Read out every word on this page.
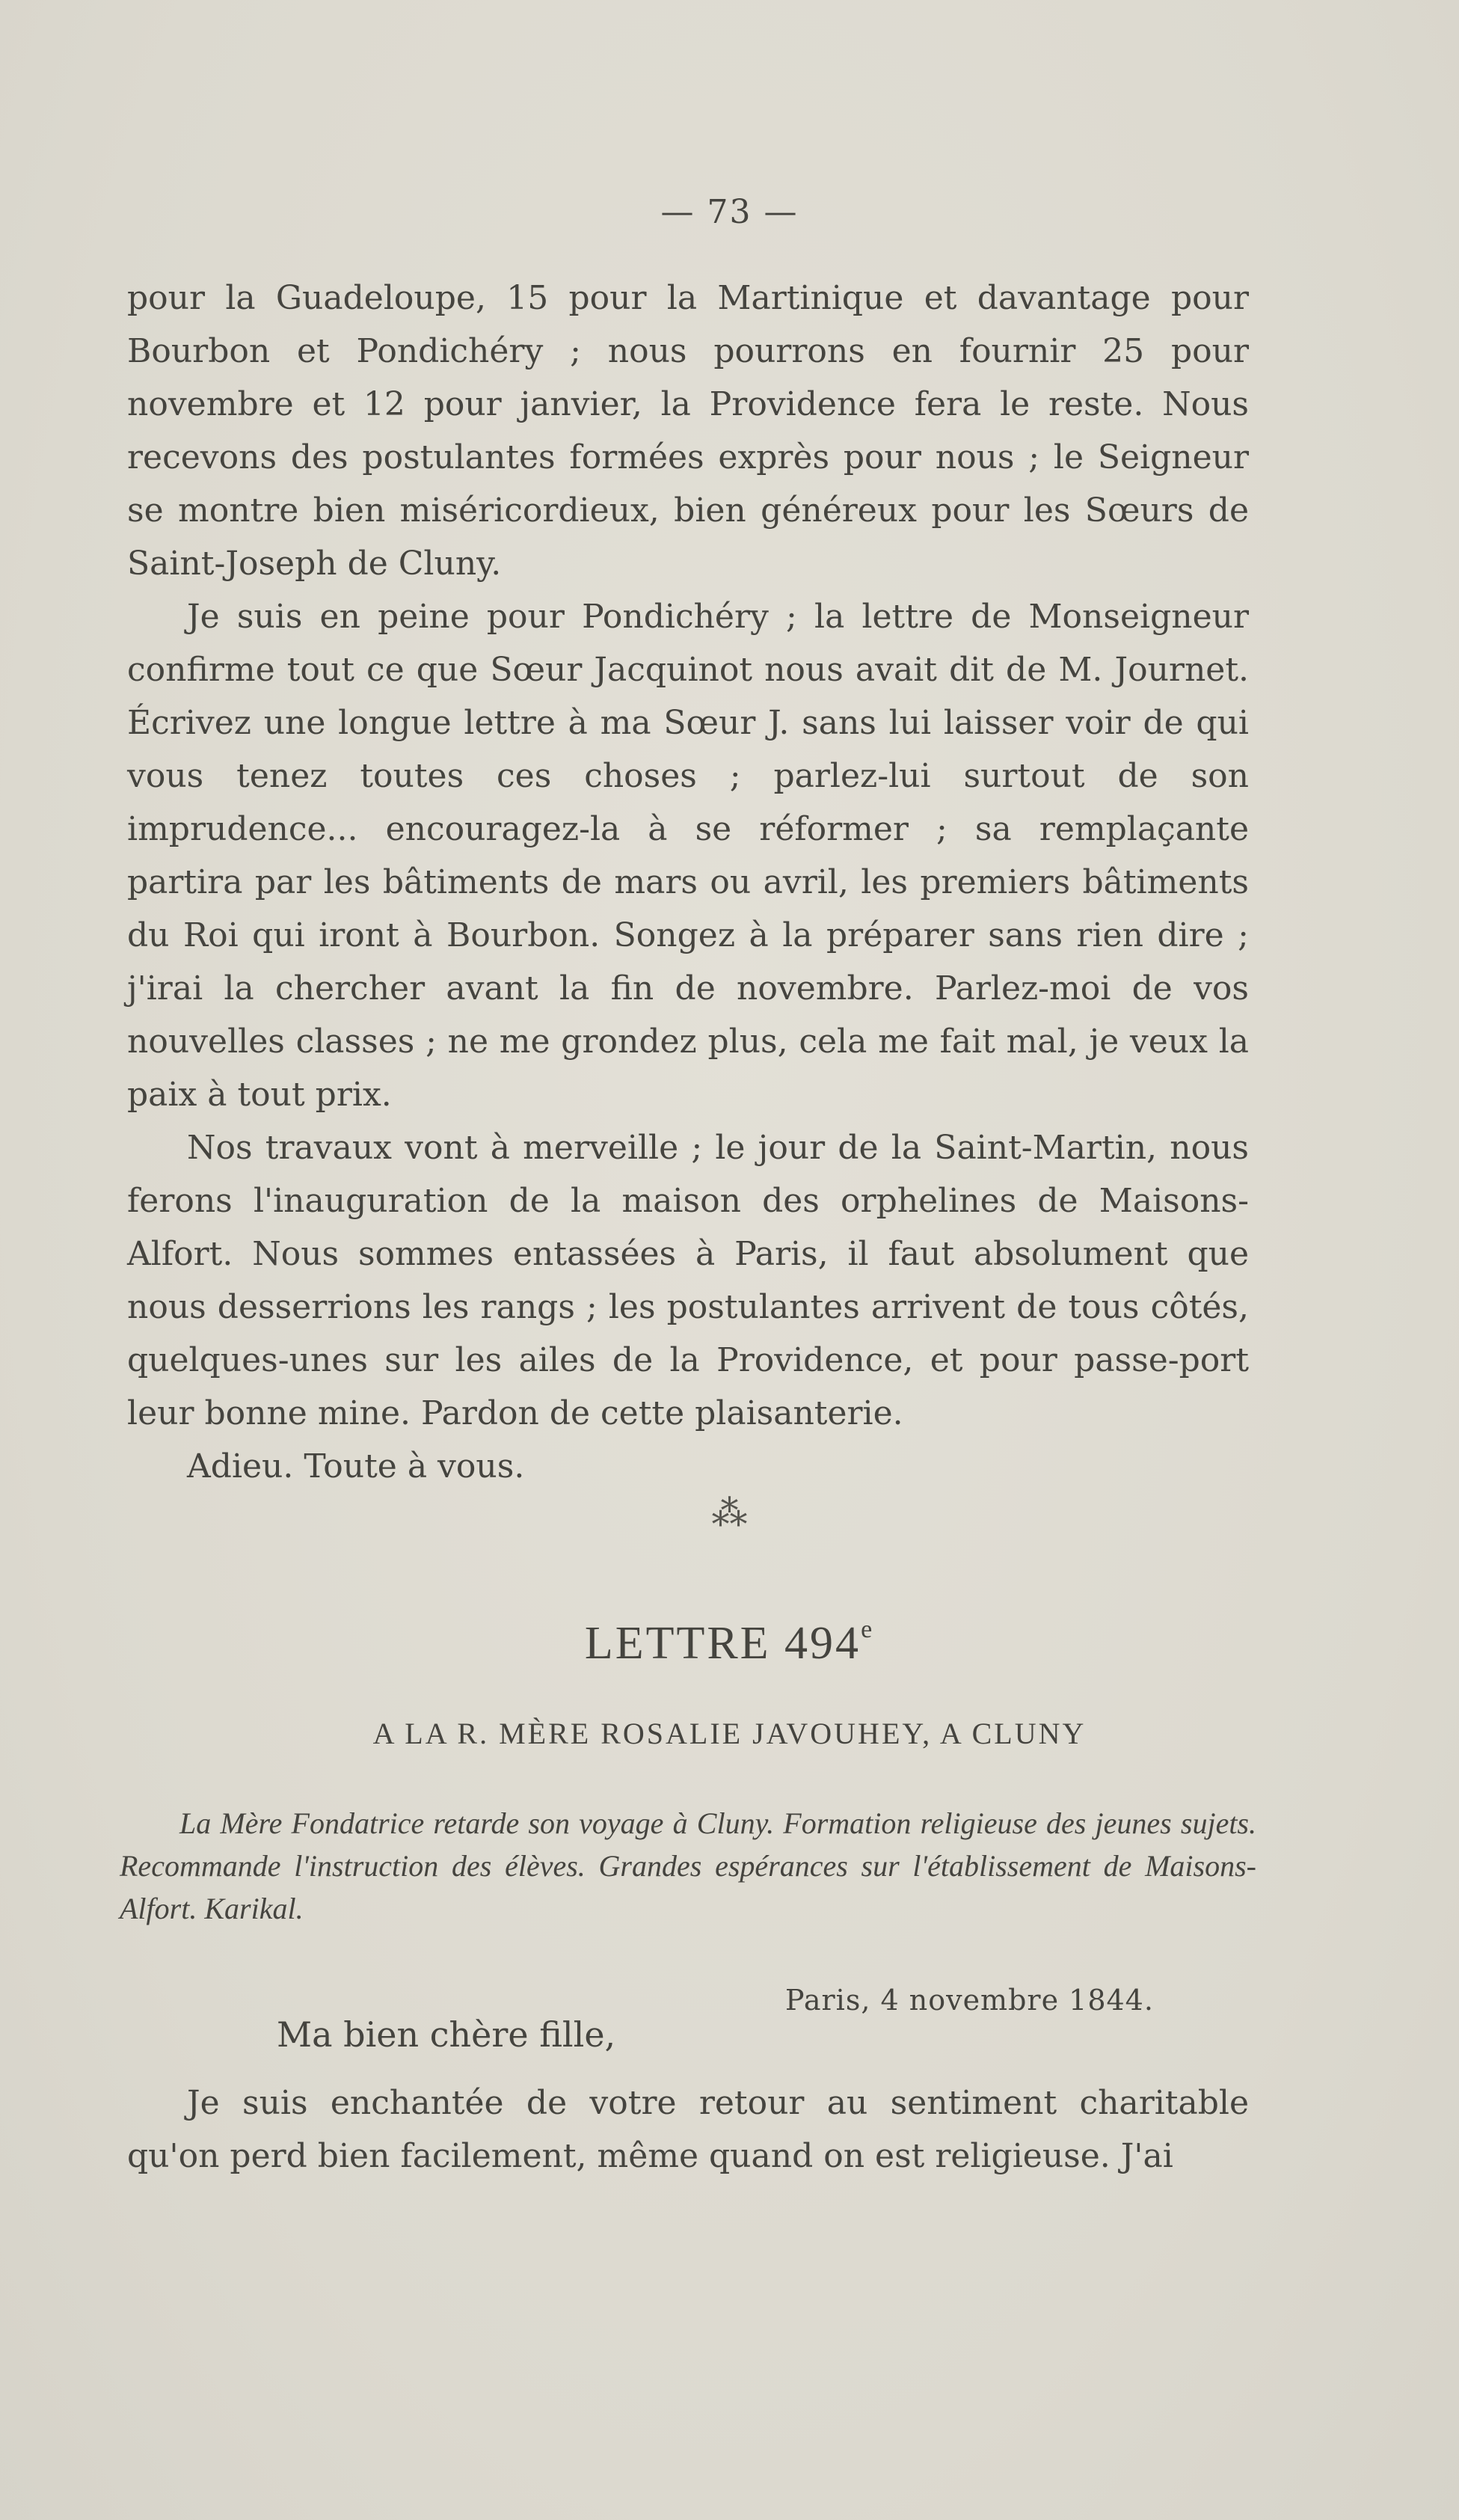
— 73 —

pour la Guadeloupe, 15 pour la Martinique et davantage pour Bourbon et Pondichéry ; nous pourrons en fournir 25 pour novembre et 12 pour janvier, la Providence fera le reste. Nous recevons des postulantes formées exprès pour nous ; le Seigneur se montre bien miséricordieux, bien généreux pour les Sœurs de Saint-Joseph de Cluny.

Je suis en peine pour Pondichéry ; la lettre de Monseigneur confirme tout ce que Sœur Jacquinot nous avait dit de M. Journet. Écrivez une longue lettre à ma Sœur J. sans lui laisser voir de qui vous tenez toutes ces choses ; parlez-lui surtout de son imprudence... encouragez-la à se réformer ; sa remplaçante partira par les bâtiments de mars ou avril, les premiers bâtiments du Roi qui iront à Bourbon. Songez à la préparer sans rien dire ; j'irai la chercher avant la fin de novembre. Parlez-moi de vos nouvelles classes ; ne me grondez plus, cela me fait mal, je veux la paix à tout prix.

Nos travaux vont à merveille ; le jour de la Saint-Martin, nous ferons l'inauguration de la maison des orphelines de Maisons-Alfort. Nous sommes entassées à Paris, il faut absolument que nous desserrions les rangs ; les postulantes arrivent de tous côtés, quelques-unes sur les ailes de la Providence, et pour passe-port leur bonne mine. Pardon de cette plaisanterie.

Adieu. Toute à vous.

⁂
LETTRE 494e
A LA R. MÈRE ROSALIE JAVOUHEY, A CLUNY

La Mère Fondatrice retarde son voyage à Cluny. Formation religieuse des jeunes sujets. Recommande l'instruction des élèves. Grandes espérances sur l'établissement de Maisons-Alfort. Karikal.

Paris, 4 novembre 1844.
Ma bien chère fille,

Je suis enchantée de votre retour au sentiment charitable qu'on perd bien facilement, même quand on est religieuse. J'ai
